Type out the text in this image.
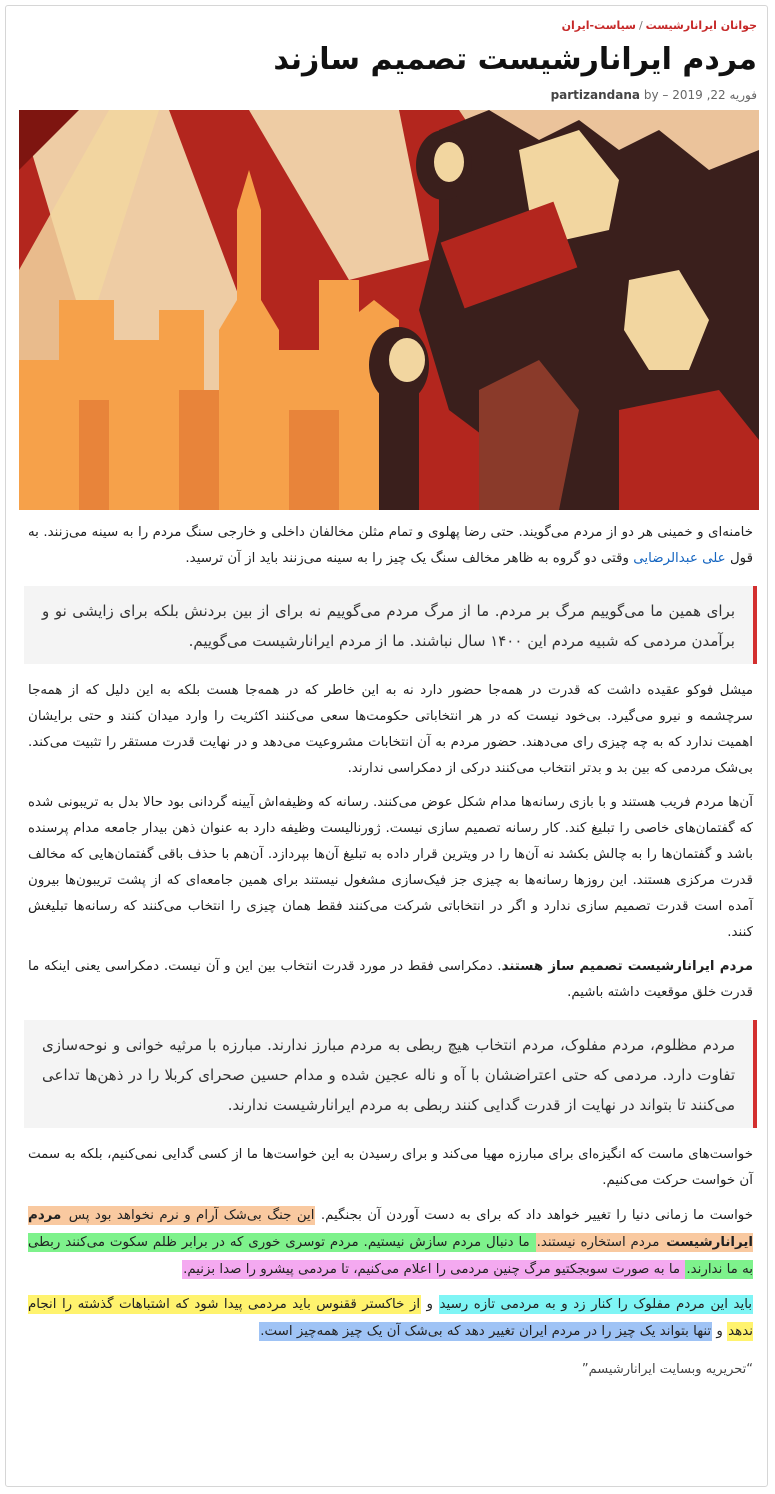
جوانان ایرانارشیست/سیاست-ایران
مردم ایرانارشیست تصمیم سازند
فوریه 22, 2019 – partizandana by

خامنه‌ای و خمینی هر دو از مردم می‌گویند. حتی رضا پهلوی و تمام مثلن مخالفان داخلی و خارجی سنگ مردم را به سینه می‌زنند. به قول علی عبدالرضایی وقتی دو گروه به ظاهر مخالف سنگ یک چیز را به سینه می‌زنند باید از آن ترسید.

برای همین ما می‌گوییم مرگ بر مردم. ما از مرگ مردم می‌گوییم نه برای از بین بردنش بلکه برای زایشی نو و برآمدن مردمی که شبیه مردم این ۱۴۰۰ سال نباشند. ما از مردم ایرانارشیست می‌گوییم.

میشل فوکو عقیده داشت که قدرت در همه‌جا حضور دارد نه به این خاطر که در همه‌جا هست بلکه به این دلیل که از همه‌جا سرچشمه و نیرو می‌گیرد. بی‌خود نیست که در هر انتخاباتی حکومت‌ها سعی می‌کنند اکثریت را وارد میدان کنند و حتی برایشان اهمیت ندارد که به چه چیزی رای می‌دهند. حضور مردم به آن انتخابات مشروعیت می‌دهد و در نهایت قدرت مستقر را تثبیت می‌کند. بی‌شک مردمی که بین بد و بدتر انتخاب می‌کنند درکی از دمکراسی ندارند.

آن‌ها مردم فریب هستند و با بازی رسانه‌ها مدام شکل عوض می‌کنند. رسانه که وظیفه‌اش آیینه گردانی بود حالا بدل به تریبونی شده که گفتمان‌های خاصی را تبلیغ کند. کار رسانه تصمیم سازی نیست. ژورنالیست وظیفه دارد به عنوان ذهن بیدار جامعه مدام پرسنده باشد و گفتمان‌ها را به چالش بکشد نه آن‌ها را در ویترین قرار داده به تبلیغ آن‌ها بپردازد. آن‌هم با حذف باقی گفتمان‌هایی که مخالف قدرت مرکزی هستند. این روزها رسانه‌ها به چیزی جز فیک‌سازی مشغول نیستند برای همین جامعه‌ای که از پشت تریبون‌ها بیرون آمده است قدرت تصمیم سازی ندارد و اگر در انتخاباتی شرکت می‌کنند فقط همان چیزی را انتخاب می‌کنند که رسانه‌ها تبلیغش کنند.

مردم ایرانارشیست تصمیم ساز هستند. دمکراسی فقط در مورد قدرت انتخاب بین این و آن نیست. دمکراسی یعنی اینکه ما قدرت خلق موقعیت داشته باشیم.

مردم مظلوم، مردم مفلوک، مردم انتخاب هیچ ربطی به مردم مبارز ندارند. مبارزه با مرثیه خوانی و نوحه‌سازی تفاوت دارد. مردمی که حتی اعتراضشان با آه و ناله عجین شده و مدام حسین صحرای کربلا را در ذهن‌ها تداعی می‌کنند تا بتواند در نهایت از قدرت گدایی کنند ربطی به مردم ایرانارشیست ندارند.

خواست‌های ماست که انگیزه‌ای برای مبارزه مهیا می‌کند و برای رسیدن به این خواست‌ها ما از کسی گدایی نمی‌کنیم، بلکه به سمت آن خواست حرکت می‌کنیم.

خواست ما زمانی دنیا را تغییر خواهد داد که برای به دست آوردن آن بجنگیم. این جنگ بی‌شک آرام و نرم نخواهد بود پس مردم ایرانارشیست مردم استخاره نیستند. ما دنبال مردم سازش نیستیم. مردم توسری خوری که در برابر ظلم سکوت می‌کنند ربطی به ما ندارند. ما به صورت سوبجکتیو مرگ چنین مردمی را اعلام می‌کنیم، تا مردمی پیشرو را صدا بزنیم.

باید این مردم مفلوک را کنار زد و به مردمی تازه رسید و از خاکستر ققنوس باید مردمی پیدا شود که اشتباهات گذشته را انجام ندهد و تنها بتواند یک چیز را در مردم ایران تغییر دهد که بی‌شک آن یک چیز همه‌چیز است.

“تحریریه وبسایت ایرانارشیسم”
